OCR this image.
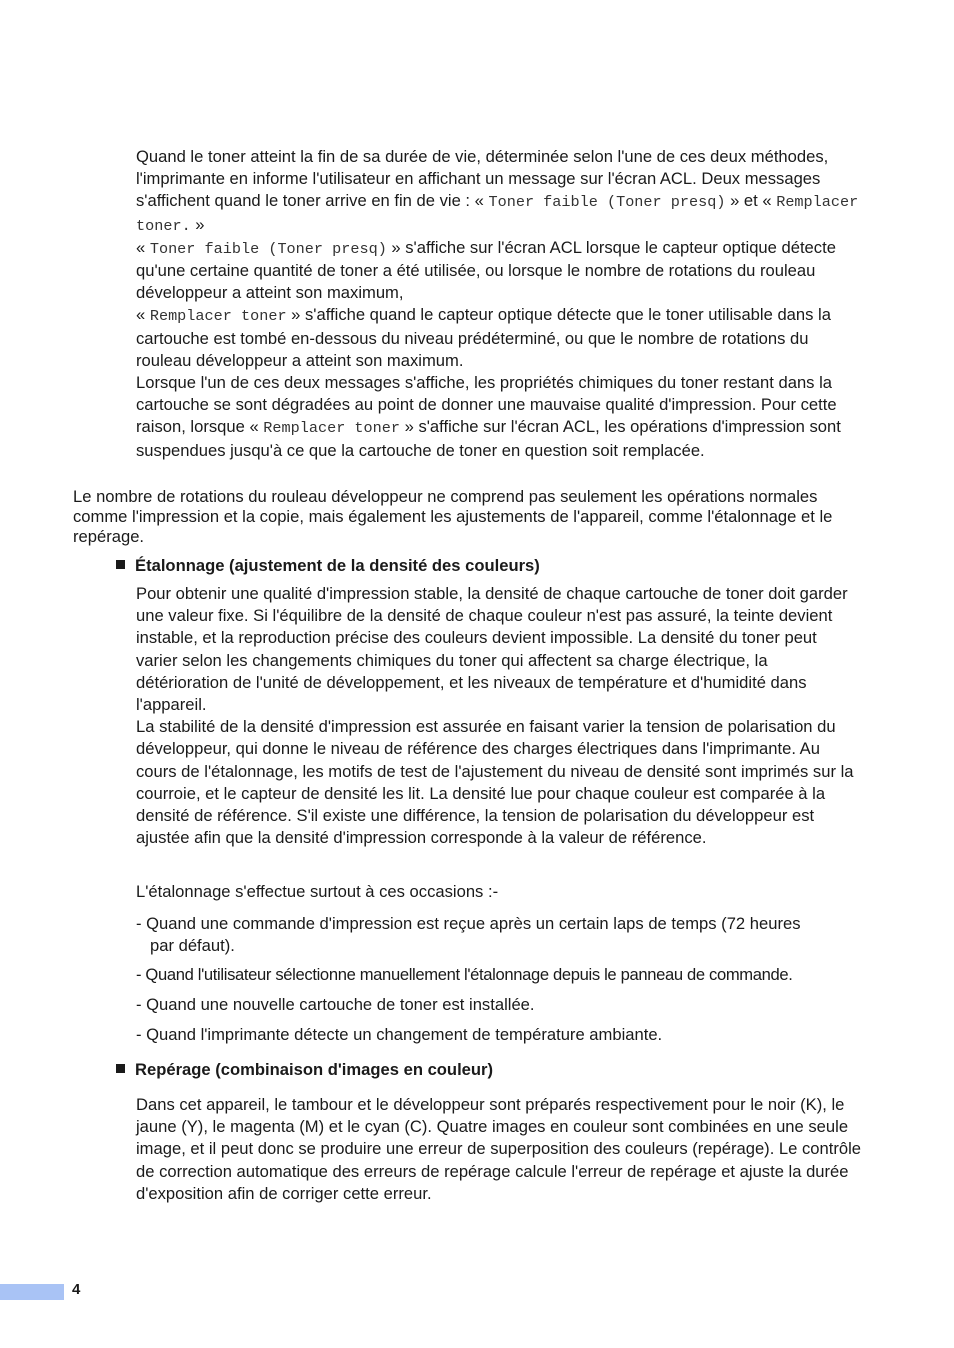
Quand le toner atteint la fin de sa durée de vie, déterminée selon l'une de ces deux méthodes, l'imprimante en informe l'utilisateur en affichant un message sur l'écran ACL. Deux messages s'affichent quand le toner arrive en fin de vie : « Toner faible (Toner presq) » et « Remplacer toner. »
« Toner faible (Toner presq) » s'affiche sur l'écran ACL lorsque le capteur optique détecte qu'une certaine quantité de toner a été utilisée, ou lorsque le nombre de rotations du rouleau développeur a atteint son maximum,
« Remplacer toner » s'affiche quand le capteur optique détecte que le toner utilisable dans la cartouche est tombé en-dessous du niveau prédéterminé, ou que le nombre de rotations du rouleau développeur a atteint son maximum.
Lorsque l'un de ces deux messages s'affiche, les propriétés chimiques du toner restant dans la cartouche se sont dégradées au point de donner une mauvaise qualité d'impression. Pour cette raison, lorsque « Remplacer toner » s'affiche sur l'écran ACL, les opérations d'impression sont suspendues jusqu'à ce que la cartouche de toner en question soit remplacée.

Le nombre de rotations du rouleau développeur ne comprend pas seulement les opérations normales comme l'impression et la copie, mais également les ajustements de l'appareil, comme l'étalonnage et le repérage.

Étalonnage (ajustement de la densité des couleurs)
Pour obtenir une qualité d'impression stable, la densité de chaque cartouche de toner doit garder une valeur fixe. Si l'équilibre de la densité de chaque couleur n'est pas assuré, la teinte devient instable, et la reproduction précise des couleurs devient impossible. La densité du toner peut varier selon les changements chimiques du toner qui affectent sa charge électrique, la détérioration de l'unité de développement, et les niveaux de température et d'humidité dans l'appareil.
La stabilité de la densité d'impression est assurée en faisant varier la tension de polarisation du développeur, qui donne le niveau de référence des charges électriques dans l'imprimante. Au cours de l'étalonnage, les motifs de test de l'ajustement du niveau de densité sont imprimés sur la courroie, et le capteur de densité les lit. La densité lue pour chaque couleur est comparée à la densité de référence. S'il existe une différence, la tension de polarisation du développeur est ajustée afin que la densité d'impression corresponde à la valeur de référence.

L'étalonnage s'effectue surtout à ces occasions :-

- Quand une commande d'impression est reçue après un certain laps de temps (72 heures
par défaut).
- Quand l'utilisateur sélectionne manuellement l'étalonnage depuis le panneau de commande.
- Quand une nouvelle cartouche de toner est installée.
- Quand l'imprimante détecte un changement de température ambiante.
Repérage (combinaison d'images en couleur)

Dans cet appareil, le tambour et le développeur sont préparés respectivement pour le noir (K), le jaune (Y), le magenta (M) et le cyan (C). Quatre images en couleur sont combinées en une seule image, et il peut donc se produire une erreur de superposition des couleurs (repérage). Le contrôle de correction automatique des erreurs de repérage calcule l'erreur de repérage et ajuste la durée d'exposition afin de corriger cette erreur.

4
